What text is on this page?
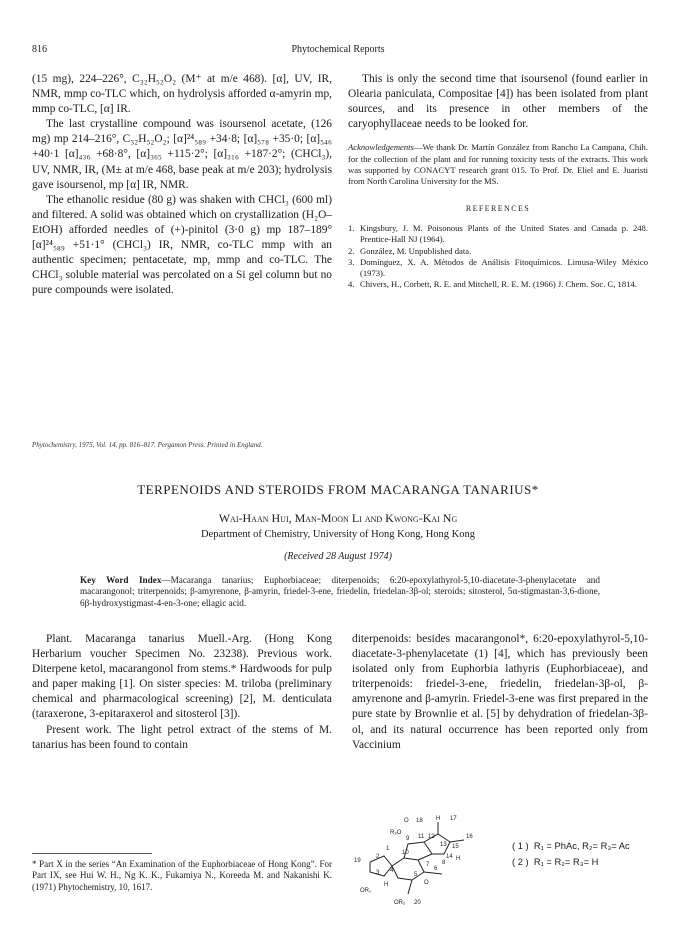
816	Phytochemical Reports

(15 mg), 224–226°, C₃₂H₅₂O₂ (M⁺ at m/e 468). [α], UV, IR, NMR, mmp co-TLC which, on hydrolysis afforded α-amyrin mp, mmp co-TLC, [α] IR.

The last crystalline compound was isoursenol acetate, (126 mg) mp 214–216°, C₃₂H₅₂O₂; [α]²⁴₅₈₉ +34·8; [α]₅₇₈ +35·0; [α]₅₄₆ +40·1 [α]₄₃₆ +68·8°, [α]₃₆₅ +115·2°; [α]₃₁₆ +187·2°; (CHCl₃), UV, NMR, IR, (M± at m/e 468, base peak at m/e 203); hydrolysis gave isoursenol, mp [α] IR, NMR.

The ethanolic residue (80 g) was shaken with CHCl₃ (600 ml) and filtered. A solid was obtained which on crystallization (H₂O–EtOH) afforded needles of (+)-pinitol (3·0 g) mp 187–189° [α]²⁴₅₈₉ +51·1° (CHCl₃) IR, NMR, co-TLC mmp with an authentic specimen; pentacetate, mp, mmp and co-TLC. The CHCl₃ soluble material was percolated on a Si gel column but no pure compounds were isolated.

This is only the second time that isoursenol (found earlier in Olearia paniculata, Compositae [4]) has been isolated from plant sources, and its presence in other members of the caryophyllaceae needs to be looked for.

Acknowledgements—We thank Dr. Martín González from Rancho La Campana, Chih. for the collection of the plant and for running toxicity tests of the extracts. This work was supported by CONACYT research grant 015. To Prof. Dr. Eliel and E. Juaristi from North Carolina University for the MS.
REFERENCES
1. Kingsbury, J. M. Poisonous Plants of the United States and Canada p. 248. Prentice-Hall NJ (1964).
2. González, M. Unpublished data.
3. Domínguez, X. A. Métodos de Análisis Fitoquímicos. Limusa-Wiley México (1973).
4. Chivers, H., Corbett, R. E. and Mitchell, R. E. M. (1966) J. Chem. Soc. C, 1814.
Phytochemistry, 1975, Vol. 14, pp. 816–817. Pergamon Press. Printed in England.
TERPENOIDS AND STEROIDS FROM MACARANGA TANARIUS*
Wai-Haan Hui, Man-Moon Li and Kwong-Kai Ng
Department of Chemistry, University of Hong Kong, Hong Kong
(Received 28 August 1974)
Key Word Index—Macaranga tanarius; Euphorbiaceae; diterpenoids; 6:20-epoxylathyrol-5,10-diacetate-3-phenylacetate and macarangonol; triterpenoids; β-amyrenone, β-amyrin, friedel-3-ene, friedelin, friedelan-3β-ol; steroids; sitosterol, 5α-stigmastan-3,6-dione, 6β-hydroxystigmast-4-en-3-one; ellagic acid.

Plant. Macaranga tanarius Muell.-Arg. (Hong Kong Herbarium voucher Specimen No. 23238). Previous work. Diterpene ketol, macarangonol from stems.* Hardwoods for pulp and paper making [1]. On sister species: M. triloba (preliminary chemical and pharmacological screening) [2], M. denticulata (taraxerone, 3-epitaraxerol and sitosterol [3]).

Present work. The light petrol extract of the stems of M. tanarius has been found to contain

diterpenoids: besides macarangonol*, 6:20-epoxylathyrol-5,10-diacetate-3-phenylacetate (1) [4], which has previously been isolated only from Euphorbia lathyris (Euphorbiaceae), and triterpenoids: friedel-3-ene, friedelin, friedelan-3β-ol, β-amyrenone and β-amyrin. Friedel-3-ene was first prepared in the pure state by Brownlie et al. [5] by dehydration of friedelan-3β-ol, and its natural occurrence has been reported only from Vaccinium

* Part X in the series “An Examination of the Euphorbiaceae of Hong Kong”. For Part IX, see Hui W. H., Ng K. K., Fukamiya N., Koreeda M. and Nakanishi K. (1971) Phytochemistry, 10, 1617.
O 18 H 17
R₃O
16
9 11 12
13 15
19
2
1
10
14 H
3 4
7
6
8
5
O
OR₁
H
OR₂ 20
( 1 ) R₁ = PhAc, R₂= R₃= Ac
( 2 ) R₁ = R₂= R₃= H
